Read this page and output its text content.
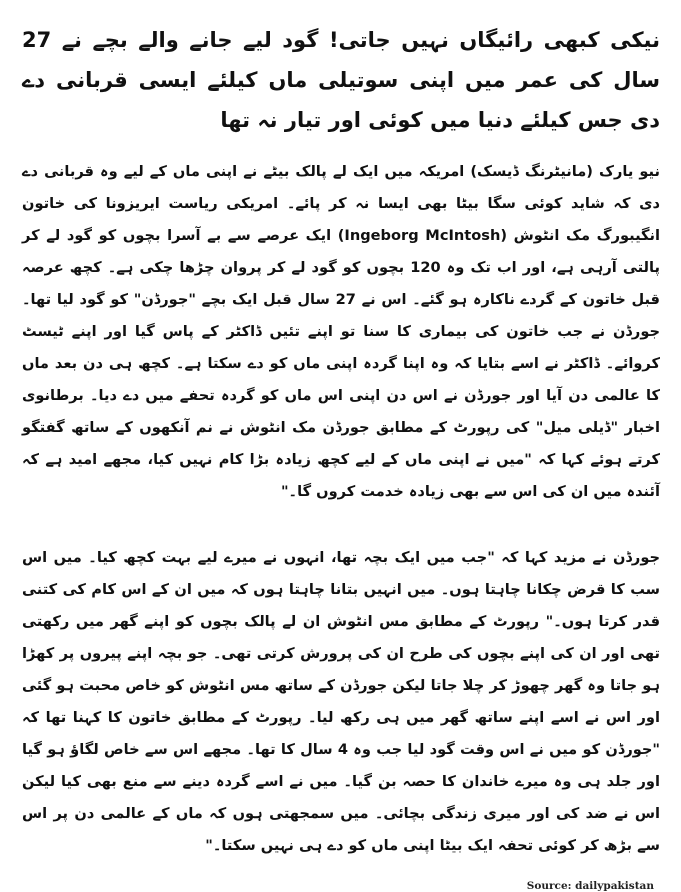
نیکی کبھی رائیگاں نہیں جاتی! گود لیے جانے والے بچے نے 27 سال کی عمر میں اپنی سوتیلی ماں کیلئے ایسی قربانی دے دی جس کیلئے دنیا میں کوئی اور تیار نہ تھا

نیو یارک (مانیٹرنگ ڈیسک) امریکہ میں ایک لے پالک بیٹے نے اپنی ماں کے لیے وہ قربانی دے دی کہ شاید کوئی سگا بیٹا بھی ایسا نہ کر پائے۔ امریکی ریاست ایریزونا کی خاتون انگیبورگ مک انٹوش (Ingeborg McIntosh) ایک عرصے سے بے آسرا بچوں کو گود لے کر پالتی آرہی ہے، اور اب تک وہ 120 بچوں کو گود لے کر پروان چڑھا چکی ہے۔ کچھ عرصہ قبل خاتون کے گردے ناکارہ ہو گئے۔ اس نے 27 سال قبل ایک بچے "جورڈن" کو گود لیا تھا۔ جورڈن نے جب خاتون کی بیماری کا سنا تو اپنے تئیں ڈاکٹر کے پاس گیا اور اپنے ٹیسٹ کروائے۔ ڈاکٹر نے اسے بتایا کہ وہ اپنا گردہ اپنی ماں کو دے سکتا ہے۔ کچھ ہی دن بعد ماں کا عالمی دن آیا اور جورڈن نے اس دن اپنی اس ماں کو گردہ تحفے میں دے دیا۔ برطانوی اخبار "ڈیلی میل" کی رپورٹ کے مطابق جورڈن مک انٹوش نے نم آنکھوں کے ساتھ گفتگو کرتے ہوئے کہا کہ "میں نے اپنی ماں کے لیے کچھ زیادہ بڑا کام نہیں کیا، مجھے امید ہے کہ آئندہ میں ان کی اس سے بھی زیادہ خدمت کروں گا۔"

جورڈن نے مزید کہا کہ "جب میں ایک بچہ تھا، انہوں نے میرے لیے بہت کچھ کیا۔ میں اس سب کا قرض چکانا چاہتا ہوں۔ میں انہیں بتانا چاہتا ہوں کہ میں ان کے اس کام کی کتنی قدر کرتا ہوں۔" رپورٹ کے مطابق مس انٹوش ان لے پالک بچوں کو اپنے گھر میں رکھتی تھی اور ان کی اپنے بچوں کی طرح ان کی پرورش کرتی تھی۔ جو بچہ اپنے پیروں پر کھڑا ہو جاتا وہ گھر چھوڑ کر چلا جاتا لیکن جورڈن کے ساتھ مس انٹوش کو خاص محبت ہو گئی اور اس نے اسے اپنے ساتھ گھر میں ہی رکھ لیا۔ رپورٹ کے مطابق خاتون کا کہنا تھا کہ "جورڈن کو میں نے اس وقت گود لیا جب وہ 4 سال کا تھا۔ مجھے اس سے خاص لگاؤ ہو گیا اور جلد ہی وہ میرے خاندان کا حصہ بن گیا۔ میں نے اسے گردہ دینے سے منع بھی کیا لیکن اس نے ضد کی اور میری زندگی بچائی۔ میں سمجھتی ہوں کہ ماں کے عالمی دن پر اس سے بڑھ کر کوئی تحفہ ایک بیٹا اپنی ماں کو دے ہی نہیں سکتا۔"

Source: dailypakistan
